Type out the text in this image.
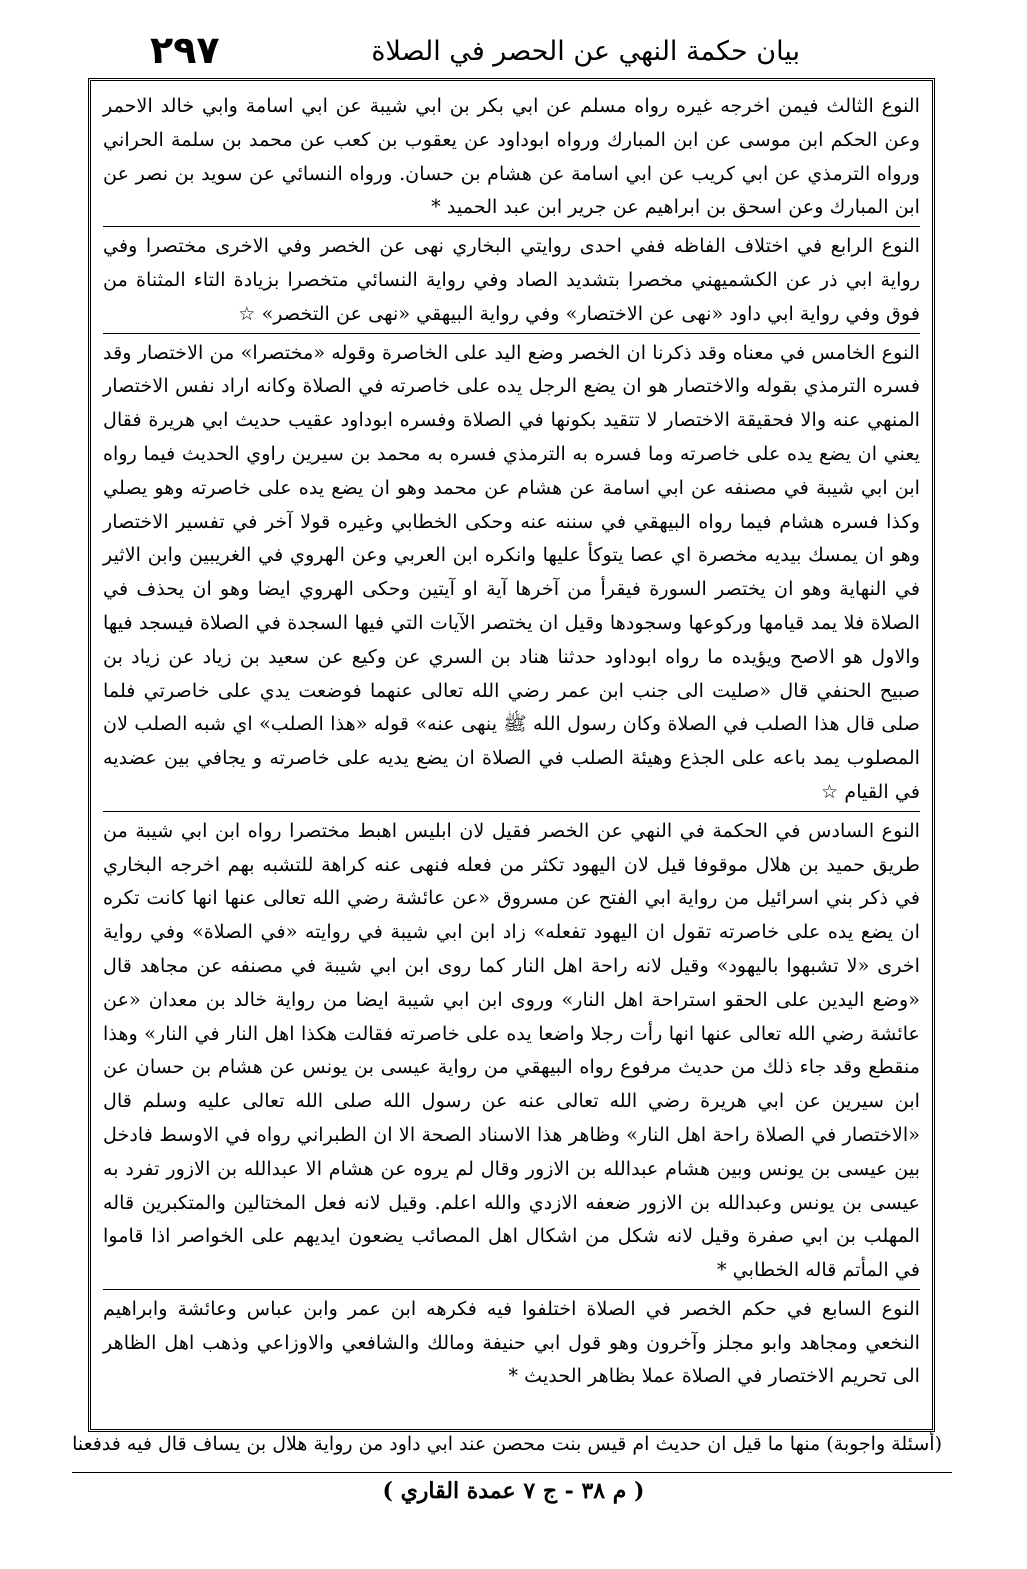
٢٩٧	بيان حكمة النهي عن الحصر في الصلاة

النوع الثالث فيمن اخرجه غيره رواه مسلم عن ابي بكر بن ابي شيبة عن ابي اسامة وابي خالد الاحمر وعن الحكم ابن موسى عن ابن المبارك ورواه ابوداود عن يعقوب بن كعب عن محمد بن سلمة الحراني ورواه الترمذي عن ابي كريب عن ابي اسامة عن هشام بن حسان. ورواه النسائي عن سويد بن نصر عن ابن المبارك وعن اسحق بن ابراهيم عن جرير ابن عبد الحميد *

النوع الرابع في اختلاف الفاظه ففي احدى روايتي البخاري نهى عن الخصر وفي الاخرى مختصرا وفي رواية ابي ذر عن الكشميهني مخصرا بتشديد الصاد وفي رواية النسائي متخصرا بزيادة التاء المثناة من فوق وفي رواية ابي داود «نهى عن الاختصار» وفي رواية البيهقي «نهى عن التخصر» ☆

النوع الخامس في معناه وقد ذكرنا ان الخصر وضع اليد على الخاصرة وقوله «مختصرا» من الاختصار وقد فسره الترمذي بقوله والاختصار هو ان يضع الرجل يده على خاصرته في الصلاة وكانه اراد نفس الاختصار المنهي عنه والا فحقيقة الاختصار لا تتقيد بكونها في الصلاة وفسره ابوداود عقيب حديث ابي هريرة فقال يعني ان يضع يده على خاصرته وما فسره به الترمذي فسره به محمد بن سيرين راوي الحديث فيما رواه ابن ابي شيبة في مصنفه عن ابي اسامة عن هشام عن محمد وهو ان يضع يده على خاصرته وهو يصلي وكذا فسره هشام فيما رواه البيهقي في سننه عنه وحكى الخطابي وغيره قولا آخر في تفسير الاختصار وهو ان يمسك بيديه مخصرة اي عصا يتوكأ عليها وانكره ابن العربي وعن الهروي في الغريبين وابن الاثير في النهاية وهو ان يختصر السورة فيقرأ من آخرها آية او آيتين وحكى الهروي ايضا وهو ان يحذف في الصلاة فلا يمد قيامها وركوعها وسجودها وقيل ان يختصر الآيات التي فيها السجدة في الصلاة فيسجد فيها والاول هو الاصح ويؤيده ما رواه ابوداود حدثنا هناد بن السري عن وكيع عن سعيد بن زياد عن زياد بن صبيح الحنفي قال «صليت الى جنب ابن عمر رضي الله تعالى عنهما فوضعت يدي على خاصرتي فلما صلى قال هذا الصلب في الصلاة وكان رسول الله ﷺ ينهى عنه» قوله «هذا الصلب» اي شبه الصلب لان المصلوب يمد باعه على الجذع وهيئة الصلب في الصلاة ان يضع يديه على خاصرته و يجافي بين عضديه في القيام ☆

النوع السادس في الحكمة في النهي عن الخصر فقيل لان ابليس اهبط مختصرا رواه ابن ابي شيبة من طريق حميد بن هلال موقوفا قيل لان اليهود تكثر من فعله فنهى عنه كراهة للتشبه بهم اخرجه البخاري في ذكر بني اسرائيل من رواية ابي الفتح عن مسروق «عن عائشة رضي الله تعالى عنها انها كانت تكره ان يضع يده على خاصرته تقول ان اليهود تفعله» زاد ابن ابي شيبة في روايته «في الصلاة» وفي رواية اخرى «لا تشبهوا باليهود» وقيل لانه راحة اهل النار كما روى ابن ابي شيبة في مصنفه عن مجاهد قال «وضع اليدين على الحقو استراحة اهل النار» وروى ابن ابي شيبة ايضا من رواية خالد بن معدان «عن عائشة رضي الله تعالى عنها انها رأت رجلا واضعا يده على خاصرته فقالت هكذا اهل النار في النار» وهذا منقطع وقد جاء ذلك من حديث مرفوع رواه البيهقي من رواية عيسى بن يونس عن هشام بن حسان عن ابن سيرين عن ابي هريرة رضي الله تعالى عنه عن رسول الله صلى الله تعالى عليه وسلم قال «الاختصار في الصلاة راحة اهل النار» وظاهر هذا الاسناد الصحة الا ان الطبراني رواه في الاوسط فادخل بين عيسى بن يونس وبين هشام عبدالله بن الازور وقال لم يروه عن هشام الا عبدالله بن الازور تفرد به عيسى بن يونس وعبدالله بن الازور ضعفه الازدي والله اعلم. وقيل لانه فعل المختالين والمتكبرين قاله المهلب بن ابي صفرة وقيل لانه شكل من اشكال اهل المصائب يضعون ايديهم على الخواصر اذا قاموا في المأتم قاله الخطابي *

النوع السابع في حكم الخصر في الصلاة اختلفوا فيه فكرهه ابن عمر وابن عباس وعائشة وابراهيم النخعي ومجاهد وابو مجلز وآخرون وهو قول ابي حنيفة ومالك والشافعي والاوزاعي وذهب اهل الظاهر الى تحريم الاختصار في الصلاة عملا بظاهر الحديث *

(أسئلة واجوبة) منها ما قيل ان حديث ام قيس بنت محصن عند ابي داود من رواية هلال بن يساف قال فيه فدفعنا
( م ٣٨ - ج ٧ عمدة القاري )
